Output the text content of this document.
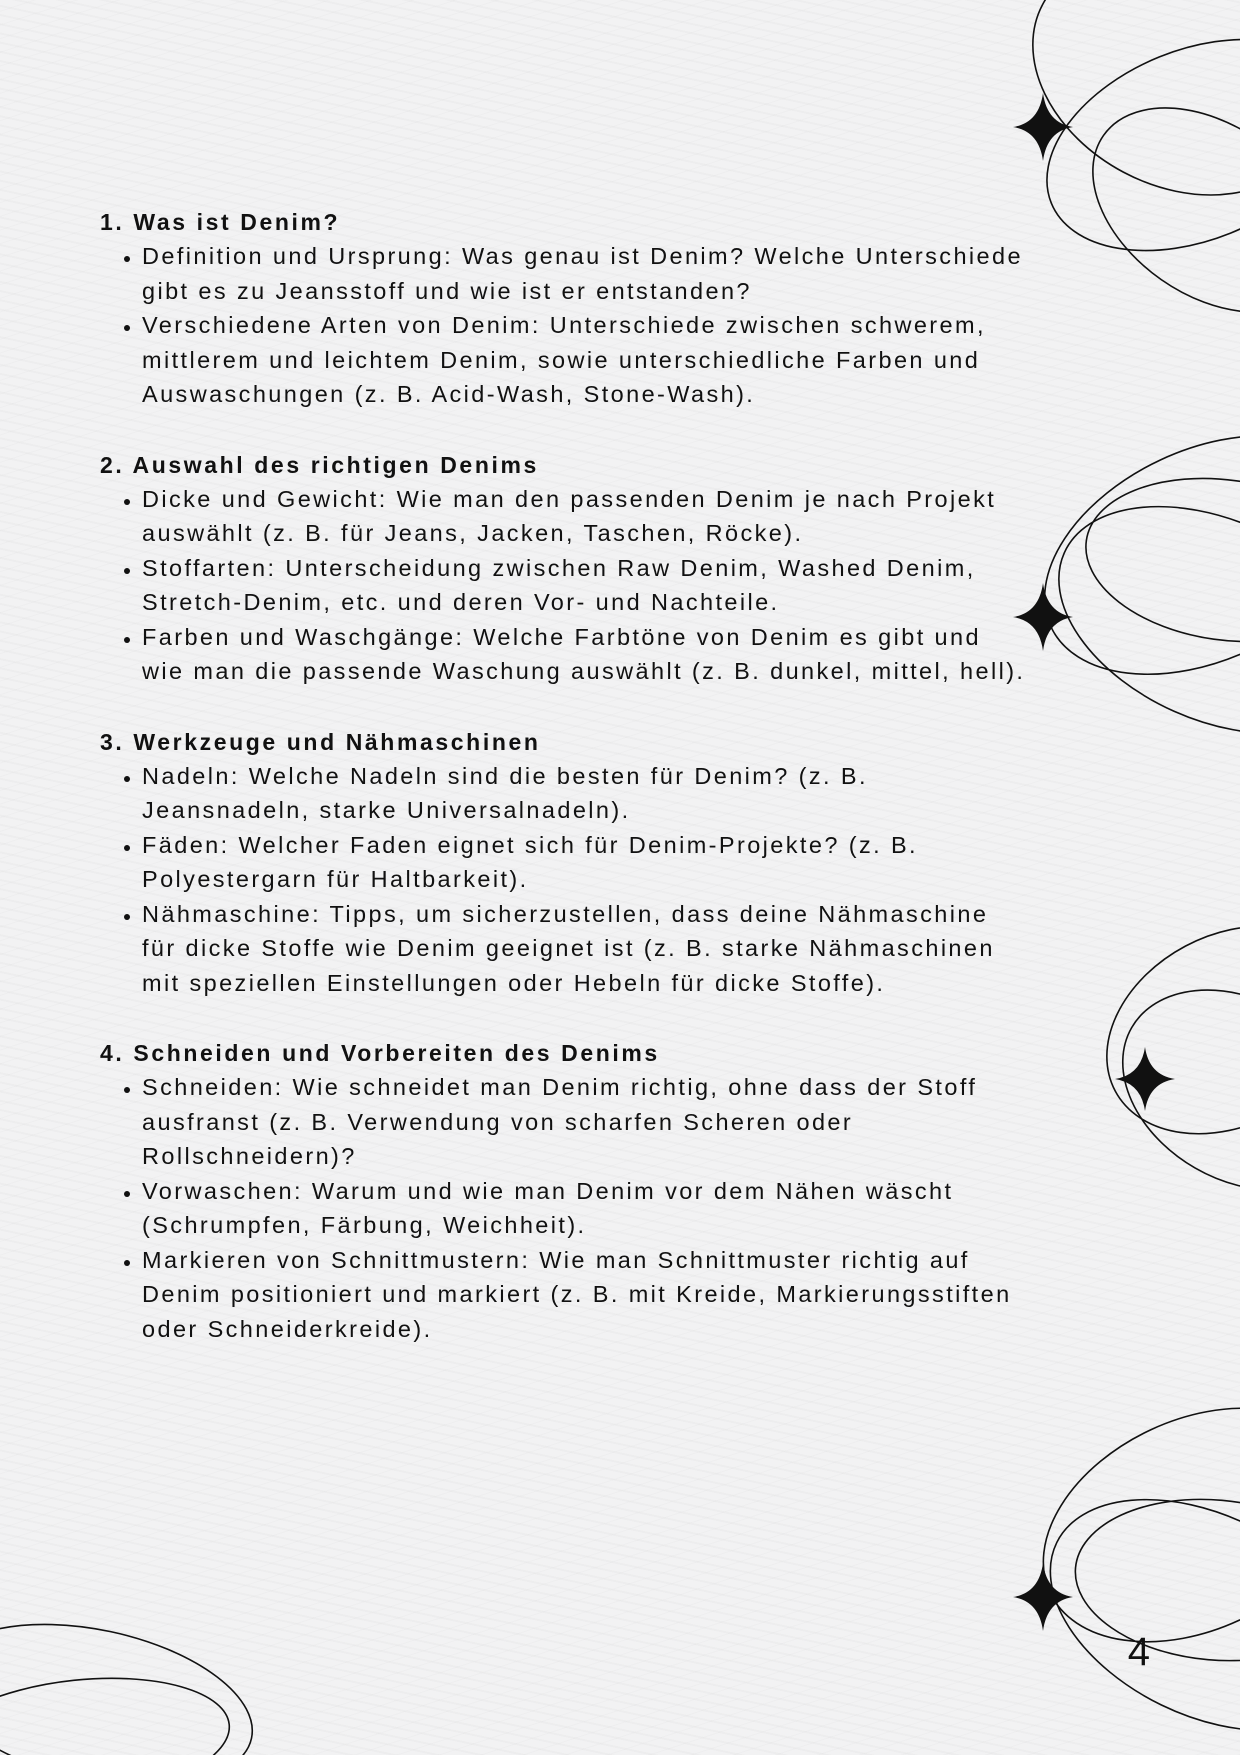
1. Was ist Denim?
• Definition und Ursprung: Was genau ist Denim? Welche Unterschiede gibt es zu Jeansstoff und wie ist er entstanden?
• Verschiedene Arten von Denim: Unterschiede zwischen schwerem, mittlerem und leichtem Denim, sowie unterschiedliche Farben und Auswaschungen (z. B. Acid-Wash, Stone-Wash).
2. Auswahl des richtigen Denims
• Dicke und Gewicht: Wie man den passenden Denim je nach Projekt auswählt (z. B. für Jeans, Jacken, Taschen, Röcke).
• Stoffarten: Unterscheidung zwischen Raw Denim, Washed Denim, Stretch-Denim, etc. und deren Vor- und Nachteile.
• Farben und Waschgänge: Welche Farbtöne von Denim es gibt und wie man die passende Waschung auswählt (z. B. dunkel, mittel, hell).
3. Werkzeuge und Nähmaschinen
• Nadeln: Welche Nadeln sind die besten für Denim? (z. B. Jeansnadeln, starke Universalnadeln).
• Fäden: Welcher Faden eignet sich für Denim-Projekte? (z. B. Polyestergarn für Haltbarkeit).
• Nähmaschine: Tipps, um sicherzustellen, dass deine Nähmaschine für dicke Stoffe wie Denim geeignet ist (z. B. starke Nähmaschinen mit speziellen Einstellungen oder Hebeln für dicke Stoffe).
4. Schneiden und Vorbereiten des Denims
• Schneiden: Wie schneidet man Denim richtig, ohne dass der Stoff ausfranst (z. B. Verwendung von scharfen Scheren oder Rollschneidern)?
• Vorwaschen: Warum und wie man Denim vor dem Nähen wäscht (Schrumpfen, Färbung, Weichheit).
• Markieren von Schnittmustern: Wie man Schnittmuster richtig auf Denim positioniert und markiert (z. B. mit Kreide, Markierungsstiften oder Schneiderkreide).
4
